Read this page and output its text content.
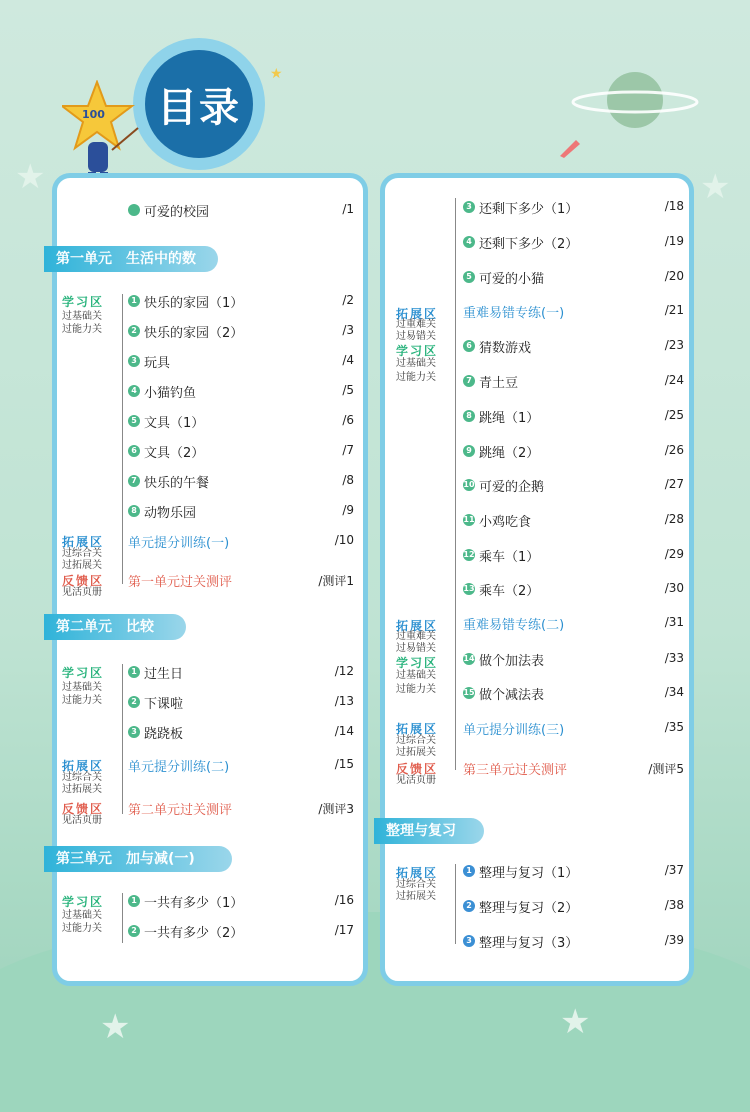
★	★
★	★
★
目录
100
可爱的校园	/1
第一单元　生活中的数
学习区
过基础关
过能力关
1 快乐的家园（1）	/2
2 快乐的家园（2）	/3
3 玩具	/4
4 小猫钓鱼	/5
5 文具（1）	/6
6 文具（2）	/7
7 快乐的午餐	/8
8 动物乐园	/9
拓展区
过综合关
过拓展关
单元提分训练(一)	/10
反馈区
见活页册
第一单元过关测评	/测评1
第二单元　比较
学习区
过基础关
过能力关
1 过生日	/12
2 下课啦	/13
3 跷跷板	/14
拓展区
过综合关
过拓展关
单元提分训练(二)	/15
反馈区
见活页册
第二单元过关测评	/测评3
第三单元　加与减(一)
学习区
过基础关
过能力关
1 一共有多少（1）	/16
2 一共有多少（2）	/17
3 还剩下多少（1）	/18
4 还剩下多少（2）	/19
5 可爱的小猫	/20
拓展区
过重难关
过易错关
重难易错专练(一)	/21
学习区
过基础关
过能力关
6 猜数游戏	/23
7 青土豆	/24
8 跳绳（1）	/25
9 跳绳（2）	/26
10 可爱的企鹅	/27
11 小鸡吃食	/28
12 乘车（1）	/29
13 乘车（2）	/30
拓展区
过重难关
过易错关
重难易错专练(二)	/31
学习区
过基础关
过能力关
14 做个加法表	/33
15 做个减法表	/34
拓展区
过综合关
过拓展关
单元提分训练(三)	/35
反馈区
见活页册
第三单元过关测评	/测评5
整理与复习
拓展区
过综合关
过拓展关
1 整理与复习（1）	/37
2 整理与复习（2）	/38
3 整理与复习（3）	/39
